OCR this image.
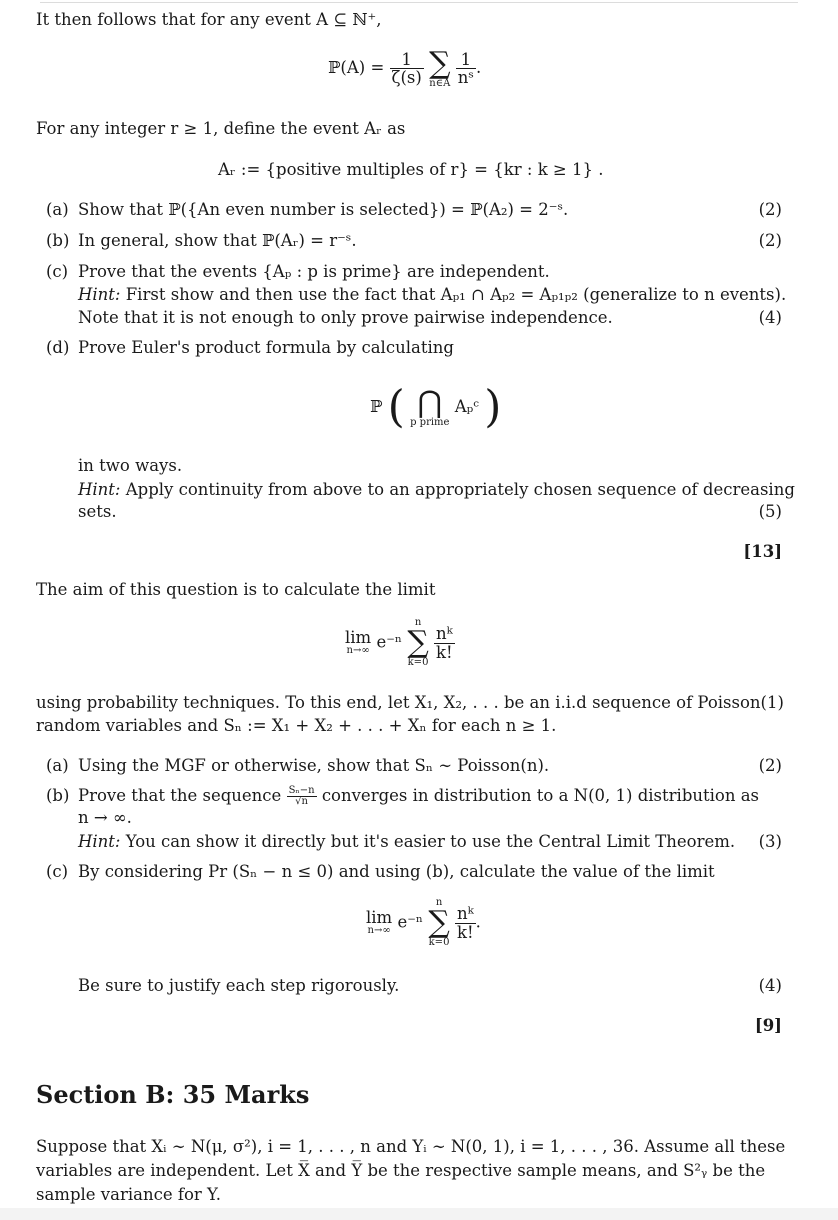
It then follows that for any event A ⊆ ℕ⁺,
ℙ(A) = $\frac{1}{\zeta(s)}$ ∑
n∈A
$\frac{1}{\text{nˢ}}$ .
For any integer r ≥ 1, define the event Aᵣ as
Aᵣ := {positive multiples of r} = {kr : k ≥ 1} .
(a) Show that ℙ({An even number is selected}) = ℙ(A₂) = 2⁻ˢ.	(2)
(b) In general, show that ℙ(Aᵣ) = r⁻ˢ.	(2)
(c) Prove that the events {Aₚ : p is prime} are independent.
Hint: First show and then use the fact that Aₚ₁ ∩ Aₚ₂ = Aₚ₁ₚ₂ (generalize to n events).
Note that it is not enough to only prove pairwise independence.	(4)
(d) Prove Euler's product formula by calculating
ℙ ( ⋂
p prime
Aₚᶜ )
in two ways.
Hint: Apply continuity from above to an appropriately chosen sequence of decreasing
sets.	(5)
[13]
The aim of this question is to calculate the limit
lim
n→∞ e⁻ⁿ
n
∑
k=0

$\frac{\text{nᵏ}}{k!}$
using probability techniques. To this end, let X₁, X₂, . . . be an i.i.d sequence of Poisson(1)
random variables and Sₙ := X₁ + X₂ + . . . + Xₙ for each n ≥ 1.
(a) Using the MGF or otherwise, show that Sₙ ∼ Poisson(n).	(2)
(b) Prove that the sequence $\frac{\text{Sₙ−n}}{√n}$ converges in distribution to a N(0, 1) distribution as
n → ∞.
Hint: You can show it directly but it's easier to use the Central Limit Theorem. (3)
(c) By considering Pr (Sₙ − n ≤ 0) and using (b), calculate the value of the limit
lim
n→∞ e⁻ⁿ
n
∑
k=0

$\frac{\text{nᵏ}}{k!}$ .
Be sure to justify each step rigorously.	(4)
[9]
Section B: 35 Marks
Suppose that Xᵢ ∼ N(μ, σ²), i = 1, . . . , n and Yᵢ ∼ N(0, 1), i = 1, . . . , 36. Assume all these
variables are independent. Let X̅ and Y̅ be the respective sample means, and S²ᵧ be the
sample variance for Y.
